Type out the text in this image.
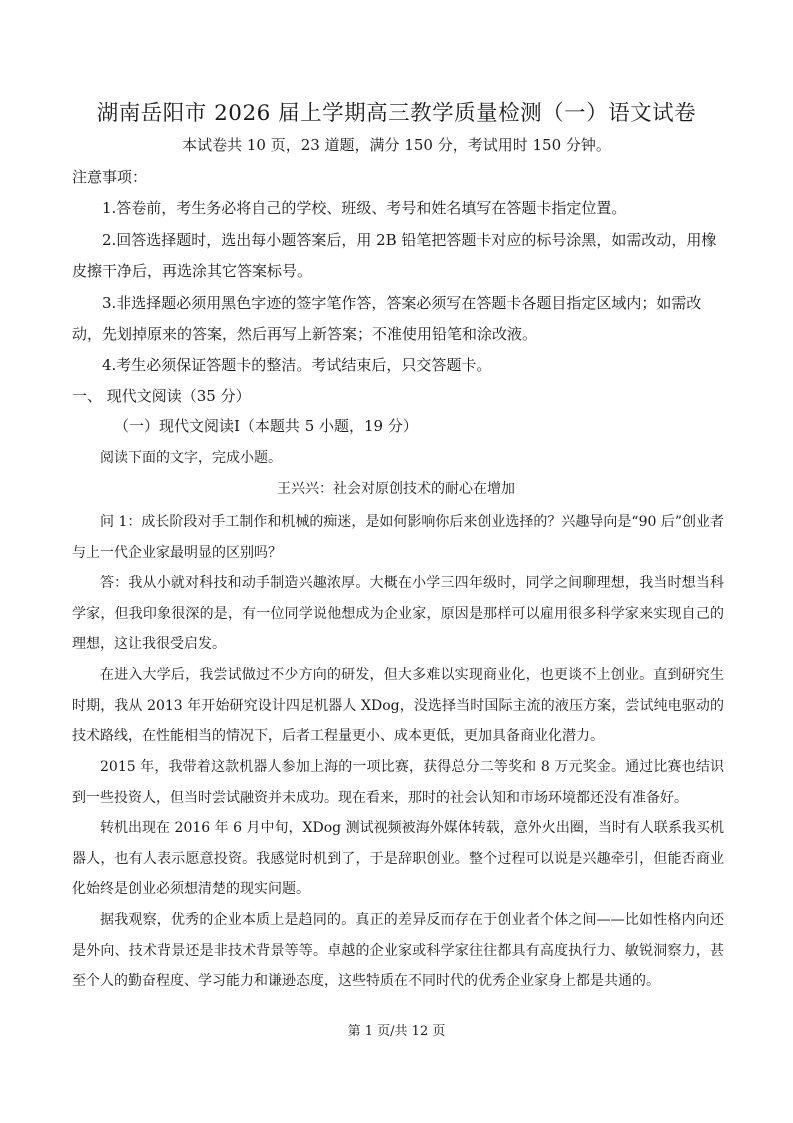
湖南岳阳市 2026 届上学期高三教学质量检测（一）语文试卷
本试卷共 10 页，23 道题，满分 150 分，考试用时 150 分钟。
注意事项：
1.答卷前，考生务必将自己的学校、班级、考号和姓名填写在答题卡指定位置。
2.回答选择题时，选出每小题答案后，用 2B 铅笔把答题卡对应的标号涂黑，如需改动，用橡皮擦干净后，再选涂其它答案标号。
3.非选择题必须用黑色字迹的签字笔作答，答案必须写在答题卡各题目指定区域内；如需改动，先划掉原来的答案，然后再写上新答案；不准使用铅笔和涂改液。
4.考生必须保证答题卡的整洁。考试结束后，只交答题卡。
一、 现代文阅读（35 分）
（一）现代文阅读Ⅰ（本题共 5 小题，19 分）
阅读下面的文字，完成小题。
王兴兴：社会对原创技术的耐心在增加

问 1：成长阶段对手工制作和机械的痴迷，是如何影响你后来创业选择的？兴趣导向是“90 后”创业者与上一代企业家最明显的区别吗？

答：我从小就对科技和动手制造兴趣浓厚。大概在小学三四年级时，同学之间聊理想，我当时想当科学家，但我印象很深的是，有一位同学说他想成为企业家，原因是那样可以雇用很多科学家来实现自己的理想，这让我很受启发。

在进入大学后，我尝试做过不少方向的研发，但大多难以实现商业化，也更谈不上创业。直到研究生时期，我从 2013 年开始研究设计四足机器人 XDog，没选择当时国际主流的液压方案，尝试纯电驱动的技术路线，在性能相当的情况下，后者工程量更小、成本更低，更加具备商业化潜力。

2015 年，我带着这款机器人参加上海的一项比赛，获得总分二等奖和 8 万元奖金。通过比赛也结识到一些投资人，但当时尝试融资并未成功。现在看来，那时的社会认知和市场环境都还没有准备好。

转机出现在 2016 年 6 月中旬，XDog 测试视频被海外媒体转载，意外火出圈，当时有人联系我买机器人，也有人表示愿意投资。我感觉时机到了，于是辞职创业。整个过程可以说是兴趣牵引，但能否商业化始终是创业必须想清楚的现实问题。

据我观察，优秀的企业本质上是趋同的。真正的差异反而存在于创业者个体之间——比如性格内向还是外向、技术背景还是非技术背景等等。卓越的企业家或科学家往往都具有高度执行力、敏锐洞察力，甚至个人的勤奋程度、学习能力和谦逊态度，这些特质在不同时代的优秀企业家身上都是共通的。

第 1 页/共 12 页
